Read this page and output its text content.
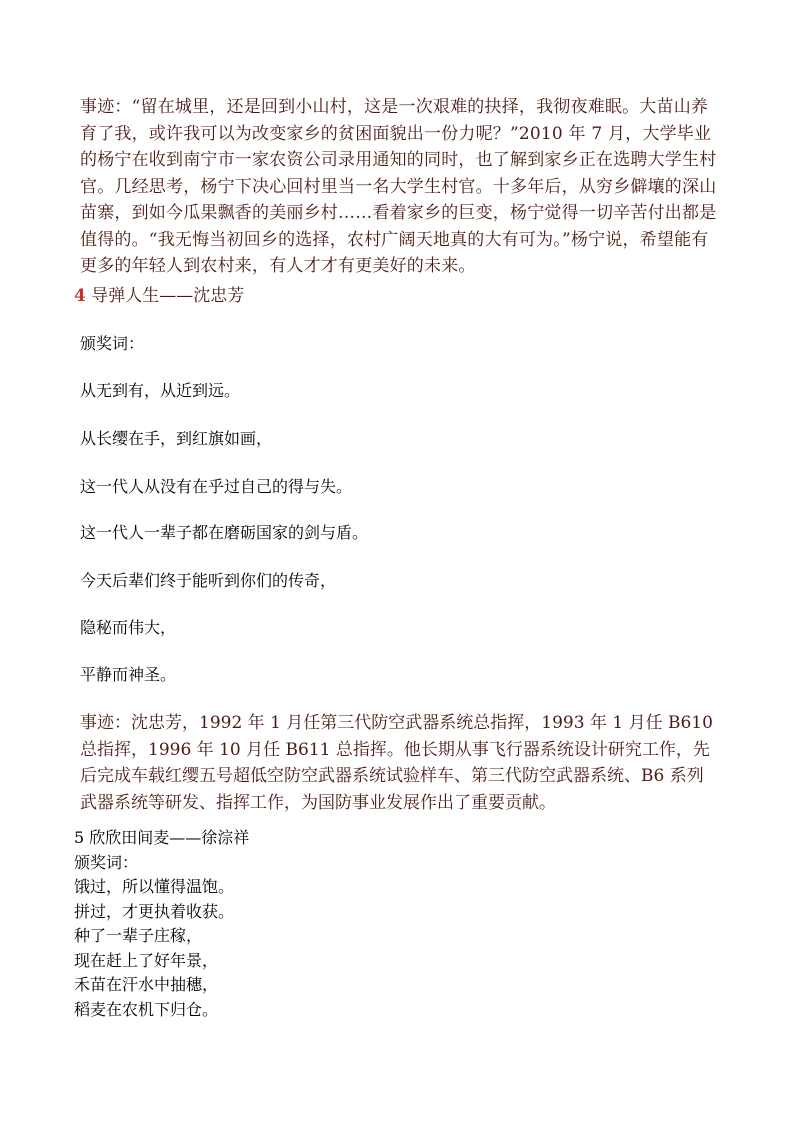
事迹：“留在城里，还是回到小山村，这是一次艰难的抉择，我彻夜难眠。大苗山养育了我，或许我可以为改变家乡的贫困面貌出一份力呢？”2010 年 7 月，大学毕业的杨宁在收到南宁市一家农资公司录用通知的同时，也了解到家乡正在选聘大学生村官。几经思考，杨宁下决心回村里当一名大学生村官。十多年后，从穷乡僻壤的深山苗寨，到如今瓜果飘香的美丽乡村……看着家乡的巨变，杨宁觉得一切辛苦付出都是值得的。“我无悔当初回乡的选择，农村广阔天地真的大有可为。”杨宁说，希望能有更多的年轻人到农村来，有人才才有更美好的未来。

4 导弹人生——沈忠芳

颁奖词：

从无到有，从近到远。

从长缨在手，到红旗如画，

这一代人从没有在乎过自己的得与失。

这一代人一辈子都在磨砺国家的剑与盾。

今天后辈们终于能听到你们的传奇，

隐秘而伟大，

平静而神圣。

事迹：沈忠芳，1992 年 1 月任第三代防空武器系统总指挥，1993 年 1 月任 B610 总指挥，1996 年 10 月任 B611 总指挥。他长期从事飞行器系统设计研究工作，先后完成车载红缨五号超低空防空武器系统试验样车、第三代防空武器系统、B6 系列武器系统等研发、指挥工作，为国防事业发展作出了重要贡献。

5 欣欣田间麦——徐淙祥
颁奖词：
饿过，所以懂得温饱。
拼过，才更执着收获。
种了一辈子庄稼，
现在赶上了好年景，
禾苗在汗水中抽穗，
稻麦在农机下归仓。
